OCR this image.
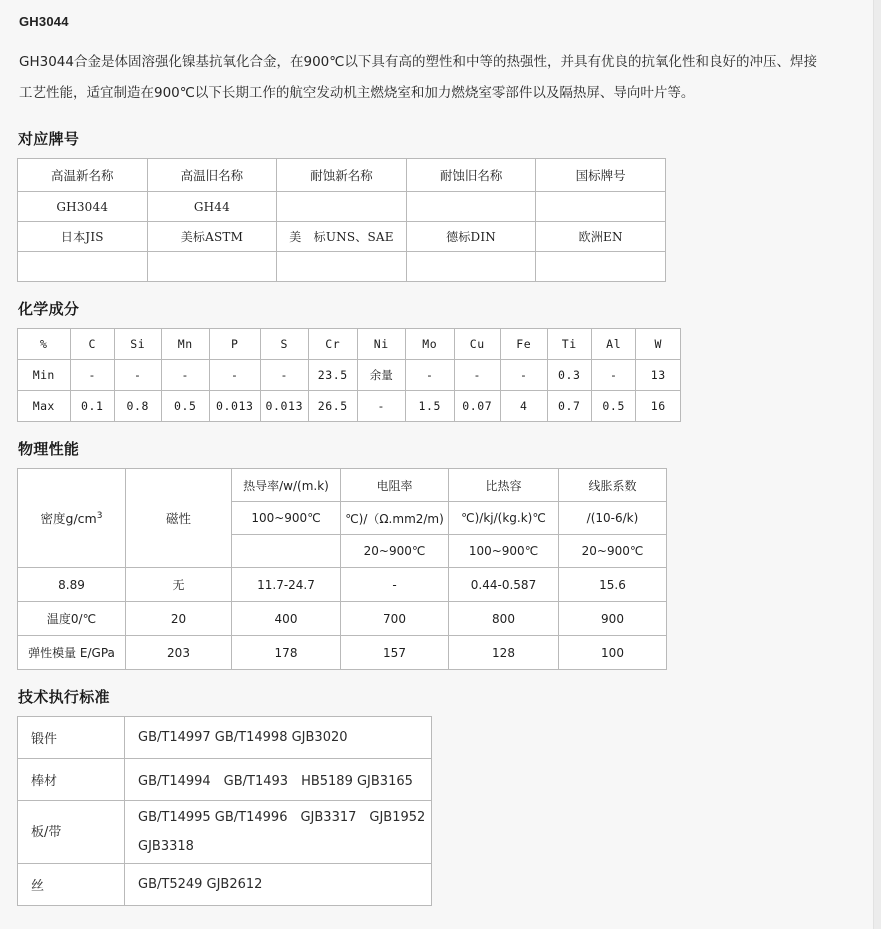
GH3044

GH3044合金是体固溶强化镍基抗氧化合金，在900℃以下具有高的塑性和中等的热强性，并具有优良的抗氧化性和良好的冲压、焊接工艺性能，适宜制造在900℃以下长期工作的航空发动机主燃烧室和加力燃烧室零部件以及隔热屏、导向叶片等。

对应牌号
高温新名称	高温旧名称	耐蚀新名称	耐蚀旧名称	国标牌号
GH3044	GH44			
日本JIS	美标ASTM	美　标UNS、SAE	德标DIN	欧洲EN

化学成分
%	C	Si	Mn	P	S	Cr	Ni	Mo	Cu	Fe	Ti	Al	W
Min	-	-	-	-	-	23.5	余量	-	-	-	0.3	-	13
Max	0.1	0.8	0.5	0.013	0.013	26.5	-	1.5	0.07	4	0.7	0.5	16
物理性能
密度$g/cm^3$	磁性	热导率/w/(m.k)	电阻率	比热容	线胀系数
		100~900℃	℃)/（Ω.mm2/m)	℃)/kj/(kg.k)℃	/(10-6/k)
			20~900℃	100~900℃	20~900℃
8.89	无	11.7-24.7	-	0.44-0.587	15.6
温度0/℃	20	400	700	800	900
弹性模量 E/GPa	203	178	157	128	100
技术执行标准
锻件	GB/T14997 GB/T14998 GJB3020
棒材	GB/T14994　GB/T1493　HB5189 GJB3165
板/带	GB/T14995 GB/T14996　GJB3317　GJB1952 GJB3318
丝	GB/T5249 GJB2612
